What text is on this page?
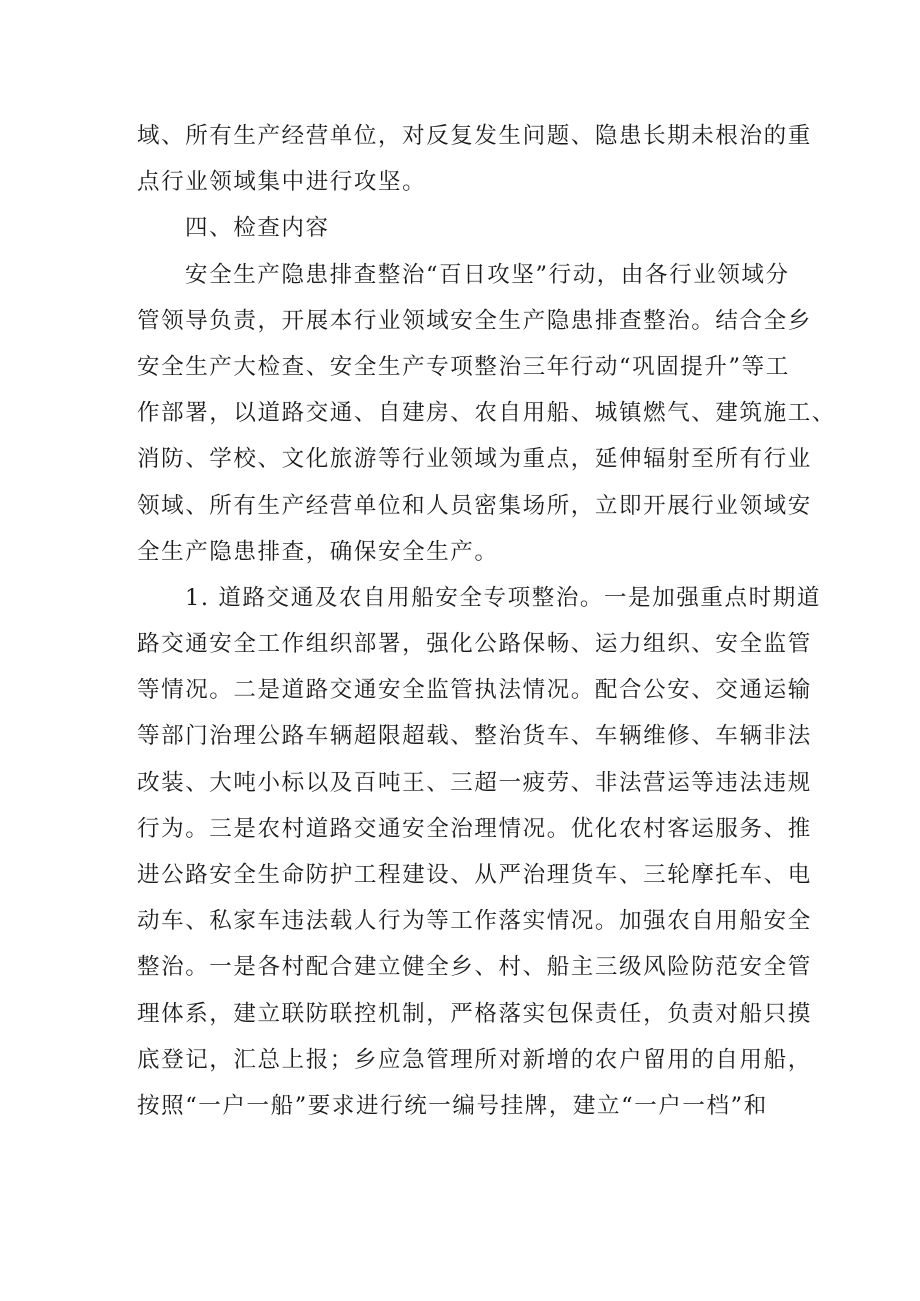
域、所有生产经营单位，对反复发生问题、隐患长期未根治的重
点行业领域集中进行攻坚。
四、检查内容
安全生产隐患排查整治“百日攻坚”行动，由各行业领域分
管领导负责，开展本行业领域安全生产隐患排查整治。结合全乡
安全生产大检查、安全生产专项整治三年行动“巩固提升”等工
作部署，以道路交通、自建房、农自用船、城镇燃气、建筑施工、
消防、学校、文化旅游等行业领域为重点，延伸辐射至所有行业
领域、所有生产经营单位和人员密集场所，立即开展行业领域安
全生产隐患排查，确保安全生产。
1. 道路交通及农自用船安全专项整治。一是加强重点时期道
路交通安全工作组织部署，强化公路保畅、运力组织、安全监管
等情况。二是道路交通安全监管执法情况。配合公安、交通运输
等部门治理公路车辆超限超载、整治货车、车辆维修、车辆非法
改装、大吨小标以及百吨王、三超一疲劳、非法营运等违法违规
行为。三是农村道路交通安全治理情况。优化农村客运服务、推
进公路安全生命防护工程建设、从严治理货车、三轮摩托车、电
动车、私家车违法载人行为等工作落实情况。加强农自用船安全
整治。一是各村配合建立健全乡、村、船主三级风险防范安全管
理体系，建立联防联控机制，严格落实包保责任，负责对船只摸
底登记，汇总上报；乡应急管理所对新增的农户留用的自用船，
按照“一户一船”要求进行统一编号挂牌，建立“一户一档”和
